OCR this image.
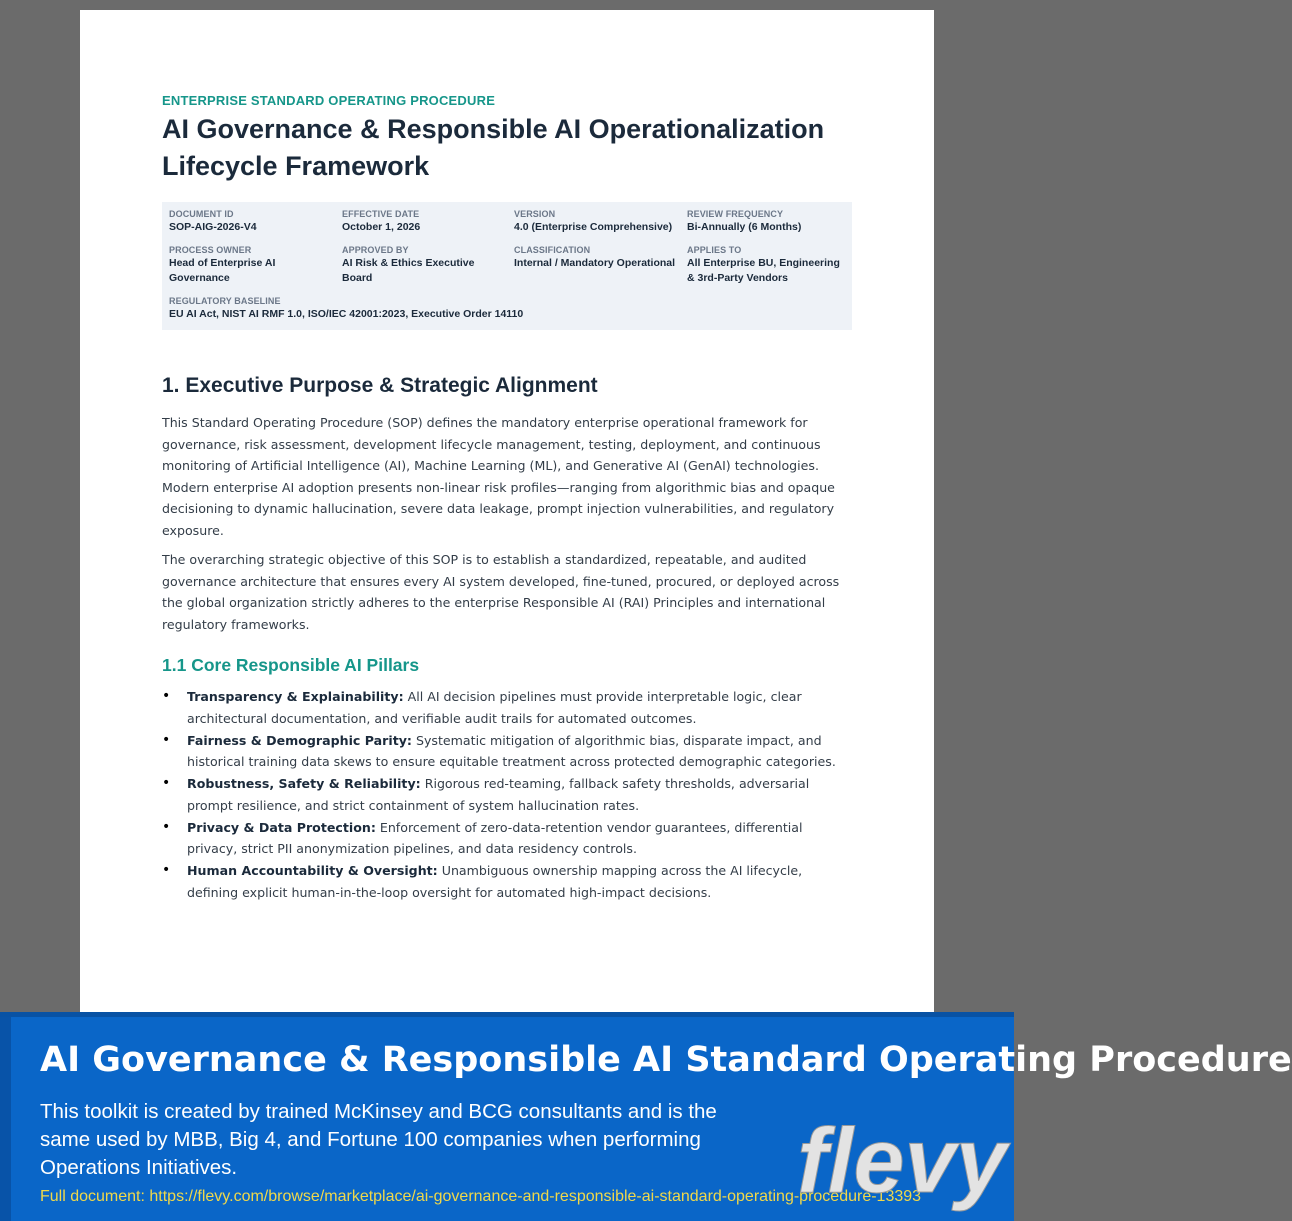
ENTERPRISE STANDARD OPERATING PROCEDURE

AI Governance & Responsible AI Operationalization Lifecycle Framework
DOCUMENT ID
SOP-AIG-2026-V4
EFFECTIVE DATE
October 1, 2026
VERSION
4.0 (Enterprise Comprehensive)
REVIEW FREQUENCY
Bi-Annually (6 Months)
PROCESS OWNER
Head of Enterprise AI Governance
APPROVED BY
AI Risk & Ethics Executive Board
CLASSIFICATION
Internal / Mandatory Operational
APPLIES TO
All Enterprise BU, Engineering & 3rd-Party Vendors
REGULATORY BASELINE
EU AI Act, NIST AI RMF 1.0, ISO/IEC 42001:2023, Executive Order 14110
1. Executive Purpose & Strategic Alignment

This Standard Operating Procedure (SOP) defines the mandatory enterprise operational framework for governance, risk assessment, development lifecycle management, testing, deployment, and continuous monitoring of Artificial Intelligence (AI), Machine Learning (ML), and Generative AI (GenAI) technologies. Modern enterprise AI adoption presents non-linear risk profiles—ranging from algorithmic bias and opaque decisioning to dynamic hallucination, severe data leakage, prompt injection vulnerabilities, and regulatory exposure.

The overarching strategic objective of this SOP is to establish a standardized, repeatable, and audited governance architecture that ensures every AI system developed, fine-tuned, procured, or deployed across the global organization strictly adheres to the enterprise Responsible AI (RAI) Principles and international regulatory frameworks.

1.1 Core Responsible AI Pillars
• Transparency & Explainability: All AI decision pipelines must provide interpretable logic, clear architectural documentation, and verifiable audit trails for automated outcomes.
• Fairness & Demographic Parity: Systematic mitigation of algorithmic bias, disparate impact, and historical training data skews to ensure equitable treatment across protected demographic categories.
• Robustness, Safety & Reliability: Rigorous red-teaming, fallback safety thresholds, adversarial prompt resilience, and strict containment of system hallucination rates.
• Privacy & Data Protection: Enforcement of zero-data-retention vendor guarantees, differential privacy, strict PII anonymization pipelines, and data residency controls.
• Human Accountability & Oversight: Unambiguous ownership mapping across the AI lifecycle, defining explicit human-in-the-loop oversight for automated high-impact decisions.
AI Governance & Responsible AI Standard Operating Procedure
This toolkit is created by trained McKinsey and BCG consultants and is the same used by MBB, Big 4, and Fortune 100 companies when performing Operations Initiatives.
Full document: https://flevy.com/browse/marketplace/ai-governance-and-responsible-ai-standard-operating-procedure-13393
flevy
